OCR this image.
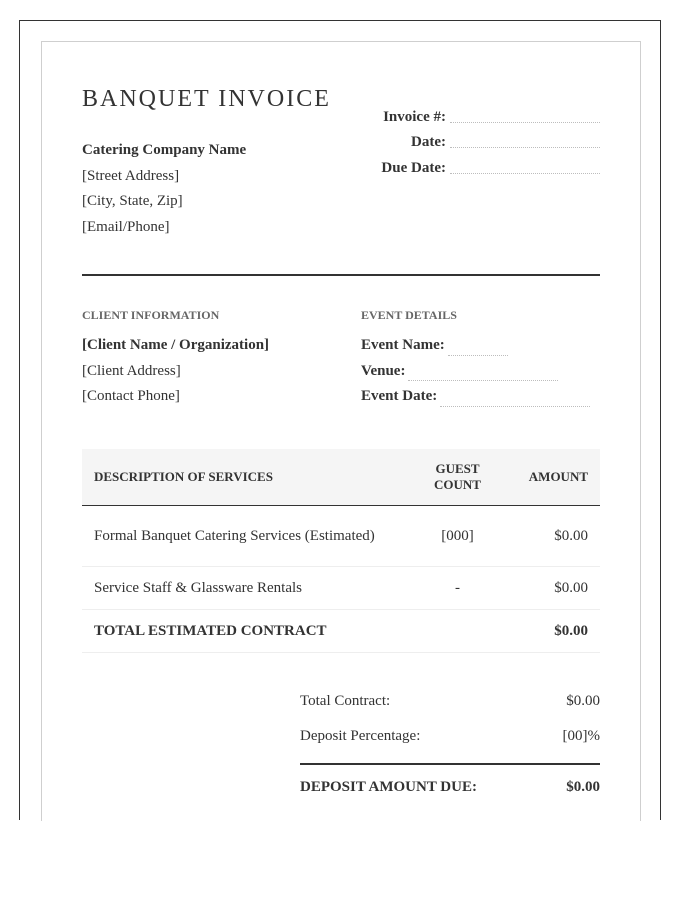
BANQUET INVOICE
Catering Company Name
[Street Address]
[City, State, Zip]
[Email/Phone]
Invoice #:
Date:
Due Date:
CLIENT INFORMATION	EVENT DETAILS
[Client Name / Organization]
[Client Address]
[Contact Phone]
Event Name:
Venue:
Event Date:
DESCRIPTION OF SERVICES	GUEST COUNT	AMOUNT
Formal Banquet Catering Services (Estimated)	[000]	$0.00
Service Staff & Glassware Rentals	-	$0.00
TOTAL ESTIMATED CONTRACT		$0.00
Total Contract:	$0.00
Deposit Percentage:	[00]%
DEPOSIT AMOUNT DUE:	$0.00
